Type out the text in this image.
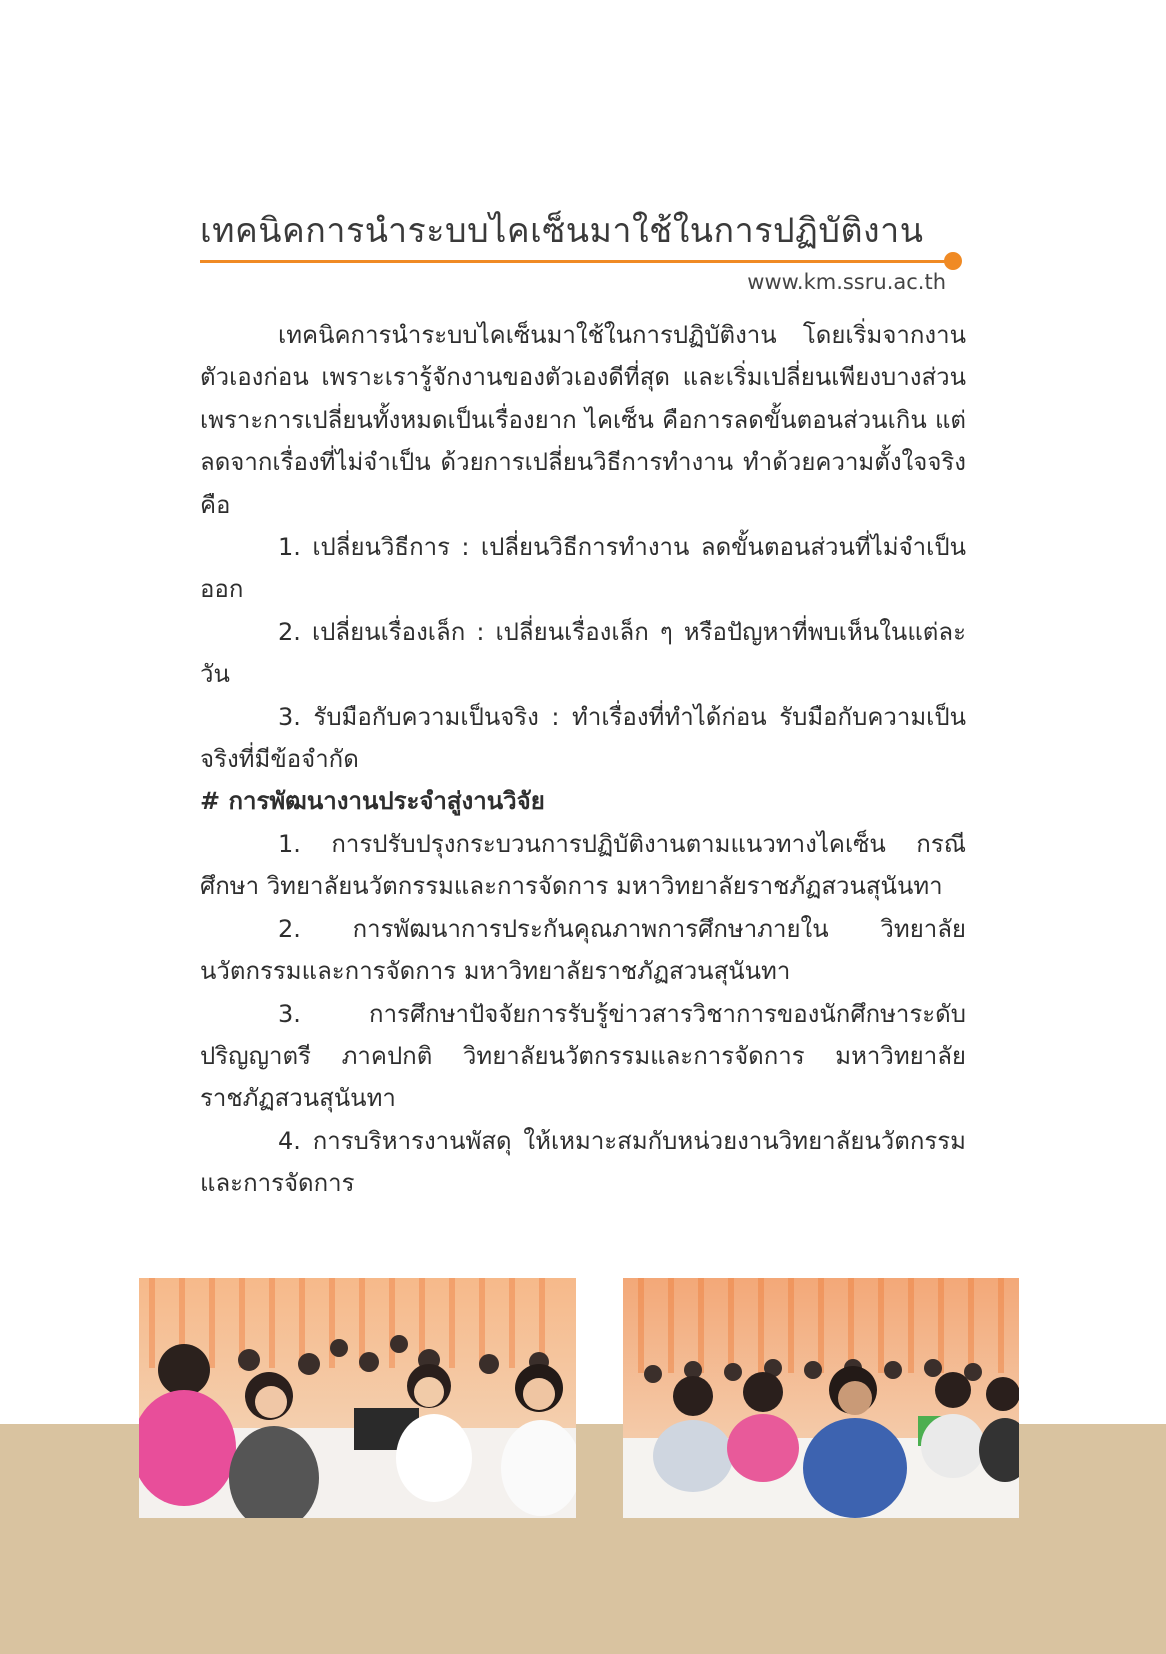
เทคนิคการนำระบบไคเซ็นมาใช้ในการปฏิบัติงาน
www.km.ssru.ac.th

เทคนิคการนำระบบไคเซ็นมาใช้ในการปฏิบัติงาน โดยเริ่มจากงานตัวเองก่อน เพราะเรารู้จักงานของตัวเองดีที่สุด และเริ่มเปลี่ยนเพียงบางส่วน เพราะการเปลี่ยนทั้งหมดเป็นเรื่องยาก ไคเซ็น คือการลดขั้นตอนส่วนเกิน แต่ลดจากเรื่องที่ไม่จำเป็น ด้วยการเปลี่ยนวิธีการทำงาน ทำด้วยความตั้งใจจริง คือ

1. เปลี่ยนวิธีการ : เปลี่ยนวิธีการทำงาน ลดขั้นตอนส่วนที่ไม่จำเป็นออก

2. เปลี่ยนเรื่องเล็ก : เปลี่ยนเรื่องเล็ก ๆ หรือปัญหาที่พบเห็นในแต่ละวัน

3. รับมือกับความเป็นจริง : ทำเรื่องที่ทำได้ก่อน รับมือกับความเป็นจริงที่มีข้อจำกัด

# การพัฒนางานประจำสู่งานวิจัย

1. การปรับปรุงกระบวนการปฏิบัติงานตามแนวทางไคเซ็น กรณีศึกษา วิทยาลัยนวัตกรรมและการจัดการ มหาวิทยาลัยราชภัฏสวนสุนันทา

2. การพัฒนาการประกันคุณภาพการศึกษาภายใน วิทยาลัยนวัตกรรมและการจัดการ มหาวิทยาลัยราชภัฏสวนสุนันทา

3. การศึกษาปัจจัยการรับรู้ข่าวสารวิชาการของนักศึกษาระดับปริญญาตรี ภาคปกติ วิทยาลัยนวัตกรรมและการจัดการ มหาวิทยาลัยราชภัฏสวนสุนันทา

4. การบริหารงานพัสดุ ให้เหมาะสมกับหน่วยงานวิทยาลัยนวัตกรรมและการจัดการ
